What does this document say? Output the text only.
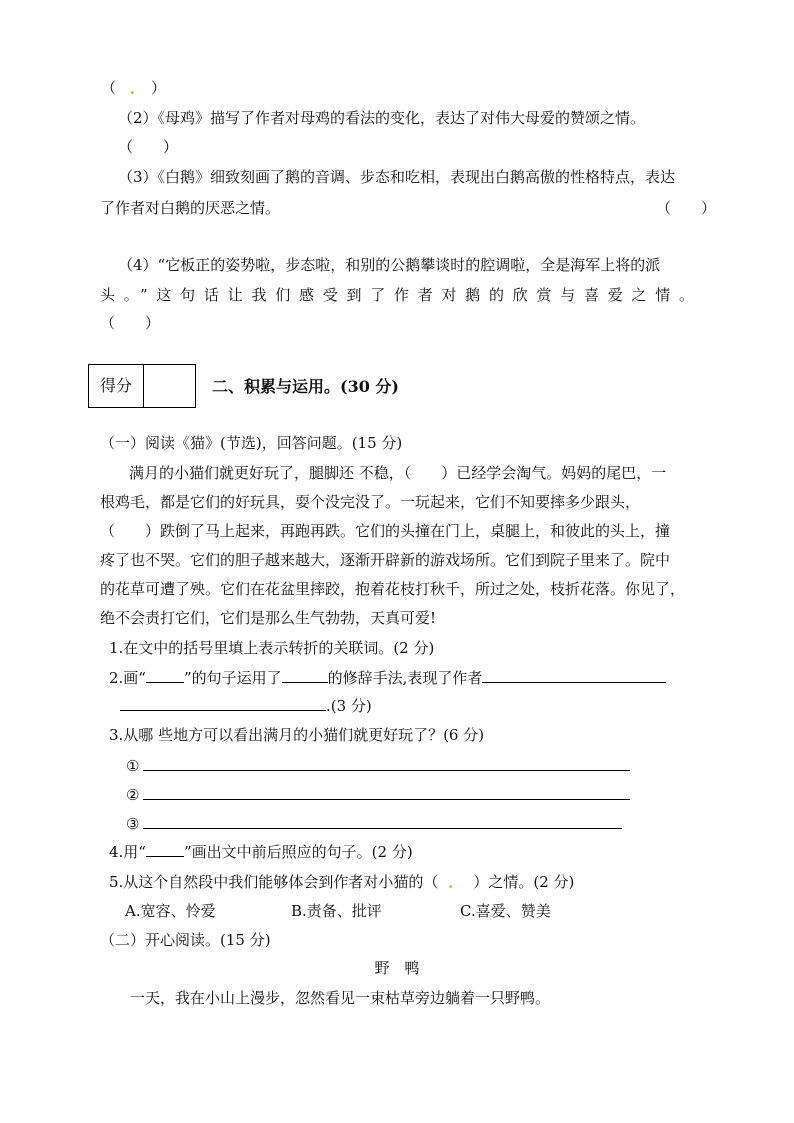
（ ． ）
（2）《母鸡》描写了作者对母鸡的看法的变化，表达了对伟大母爱的赞颂之情。
（　　）
（3）《白鹅》细致刻画了鹅的音调、步态和吃相，表现出白鹅高傲的性格特点，表达
了作者对白鹅的厌恶之情。	（　　）
（4）“它板正的姿势啦，步态啦，和别的公鹅攀谈时的腔调啦，全是海军上将的派
头。”这句话让我们感受到了作者对鹅的欣赏与喜爱之情。
（　　）
得分	二、积累与运用。(30 分)
（一）阅读《猫》(节选)，回答问题。(15 分)
满月的小猫们就更好玩了，腿脚还 不稳，（　　）已经学会淘气。妈妈的尾巴，一
根鸡毛，都是它们的好玩具，耍个没完没了。一玩起来，它们不知要摔多少跟头，
（　　）跌倒了马上起来，再跑再跌。它们的头撞在门上，桌腿上，和彼此的头上，撞
疼了也不哭。它们的胆子越来越大，逐渐开辟新的游戏场所。它们到院子里来了。院中
的花草可遭了殃。它们在花盆里摔跤，抱着花枝打秋千，所过之处，枝折花落。你见了，
绝不会责打它们，它们是那么生气勃勃，天真可爱!
1.在文中的括号里填上表示转折的关联词。(2 分)
2.画“	”的句子运用了	的修辞手法,表现了作者
.(3 分)
3.从哪 些地方可以看出满月的小猫们就更好玩了？(6 分)
①
②
③
4.用“	”画出文中前后照应的句子。(2 分)
5.从这个自然段中我们能够体会到作者对小猫的（ ． ）之情。(2 分)
A.宽容、怜爱	B.责备、批评	C.喜爱、赞美
（二）开心阅读。(15 分)
野　鸭
一天，我在小山上漫步，忽然看见一束枯草旁边躺着一只野鸭。
